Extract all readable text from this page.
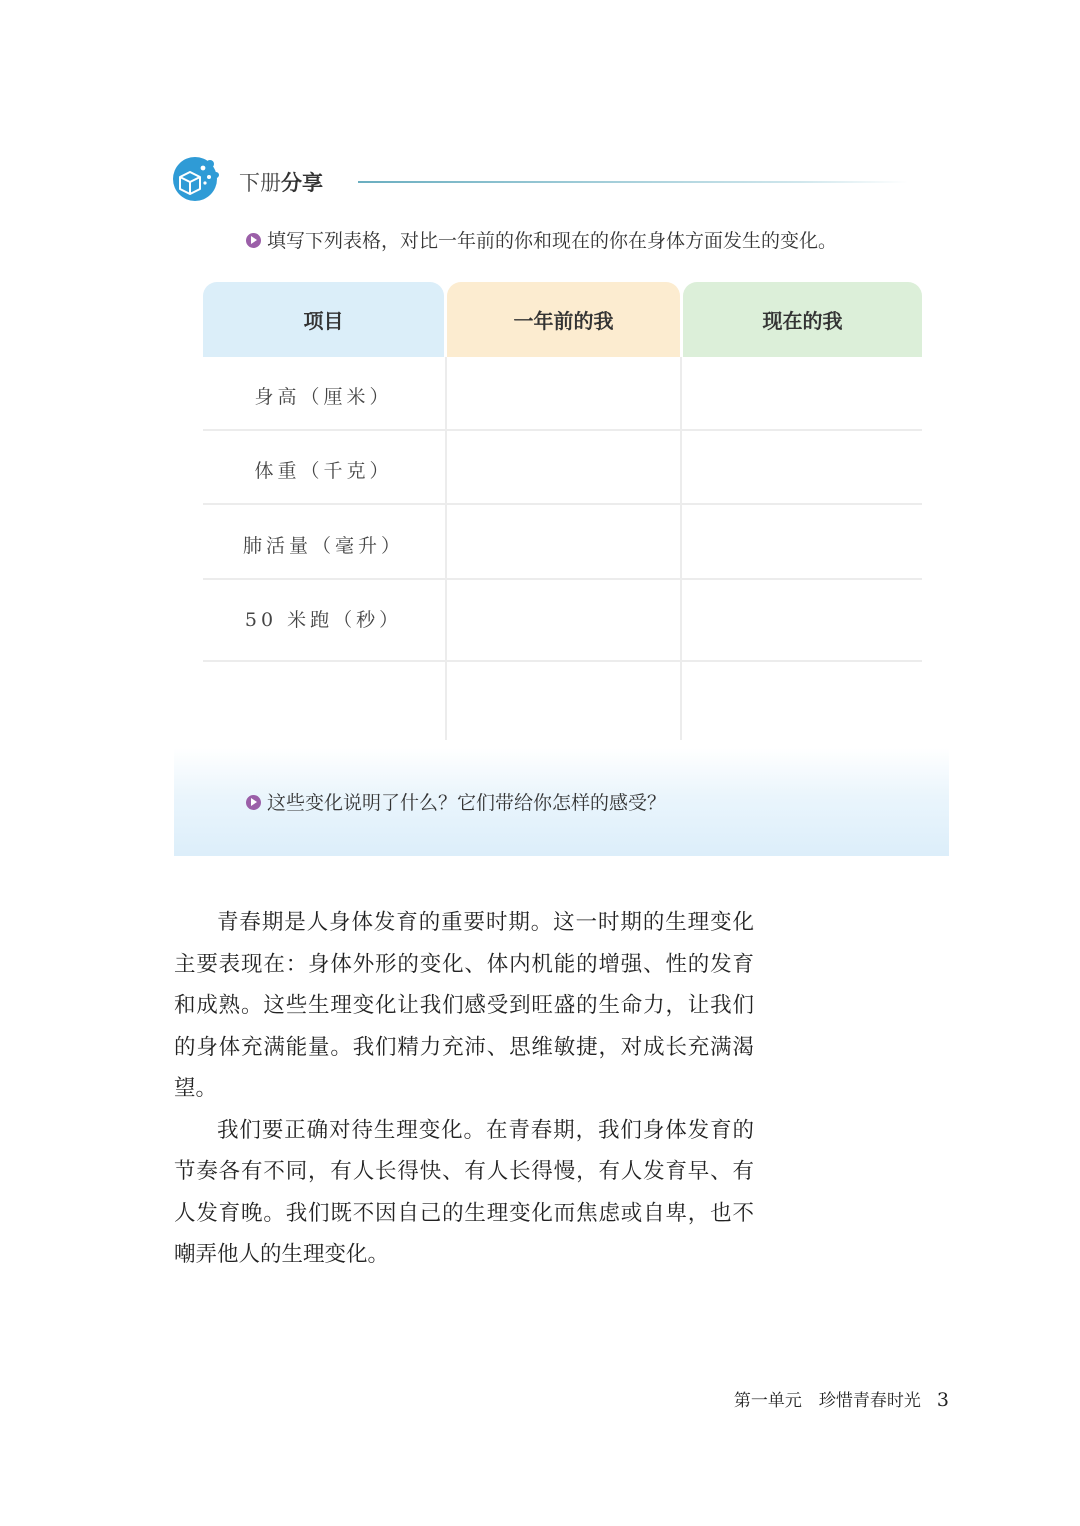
下册分享
填写下列表格，对比一年前的你和现在的你在身体方面发生的变化。
项目	一年前的我	现在的我
身高（厘米）
体重（千克）
肺活量（毫升）
50 米跑（秒）
这些变化说明了什么？它们带给你怎样的感受？

青春期是人身体发育的重要时期。这一时期的生理变化主要表现在：身体外形的变化、体内机能的增强、性的发育和成熟。这些生理变化让我们感受到旺盛的生命力，让我们的身体充满能量。我们精力充沛、思维敏捷，对成长充满渴望。

我们要正确对待生理变化。在青春期，我们身体发育的节奏各有不同，有人长得快、有人长得慢，有人发育早、有人发育晚。我们既不因自己的生理变化而焦虑或自卑，也不嘲弄他人的生理变化。

第一单元　 珍惜青春时光 3
